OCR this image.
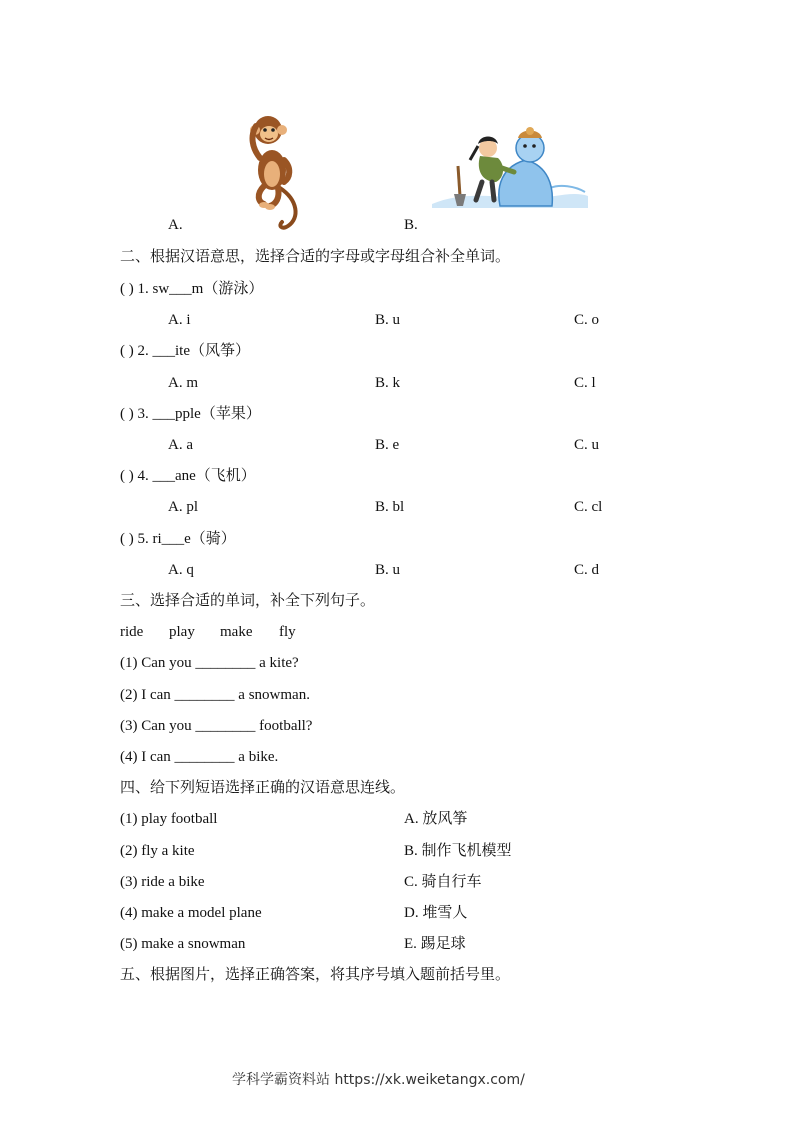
A.	B.
二、根据汉语意思，选择合适的字母或字母组合补全单词。
( ) 1. sw___m（游泳）
A. i	B. u	C. o
( ) 2. ___ite（风筝）
A. m	B. k	C. l
( ) 3. ___pple（苹果）
A. a	B. e	C. u
( ) 4. ___ane（飞机）
A. pl	B. bl	C. cl
( ) 5. ri___e（骑）
A. q	B. u	C. d
三、选择合适的单词，补全下列句子。
ride play make fly
(1) Can you ________ a kite?
(2) I can ________ a snowman.
(3) Can you ________ football?
(4) I can ________ a bike.
四、给下列短语选择正确的汉语意思连线。
(1) play football	A. 放风筝
(2) fly a kite	B. 制作飞机模型
(3) ride a bike	C. 骑自行车
(4) make a model plane	D. 堆雪人
(5) make a snowman	E. 踢足球
五、根据图片，选择正确答案，将其序号填入题前括号里。
学科学霸资料站 https://xk.weiketangx.com/
